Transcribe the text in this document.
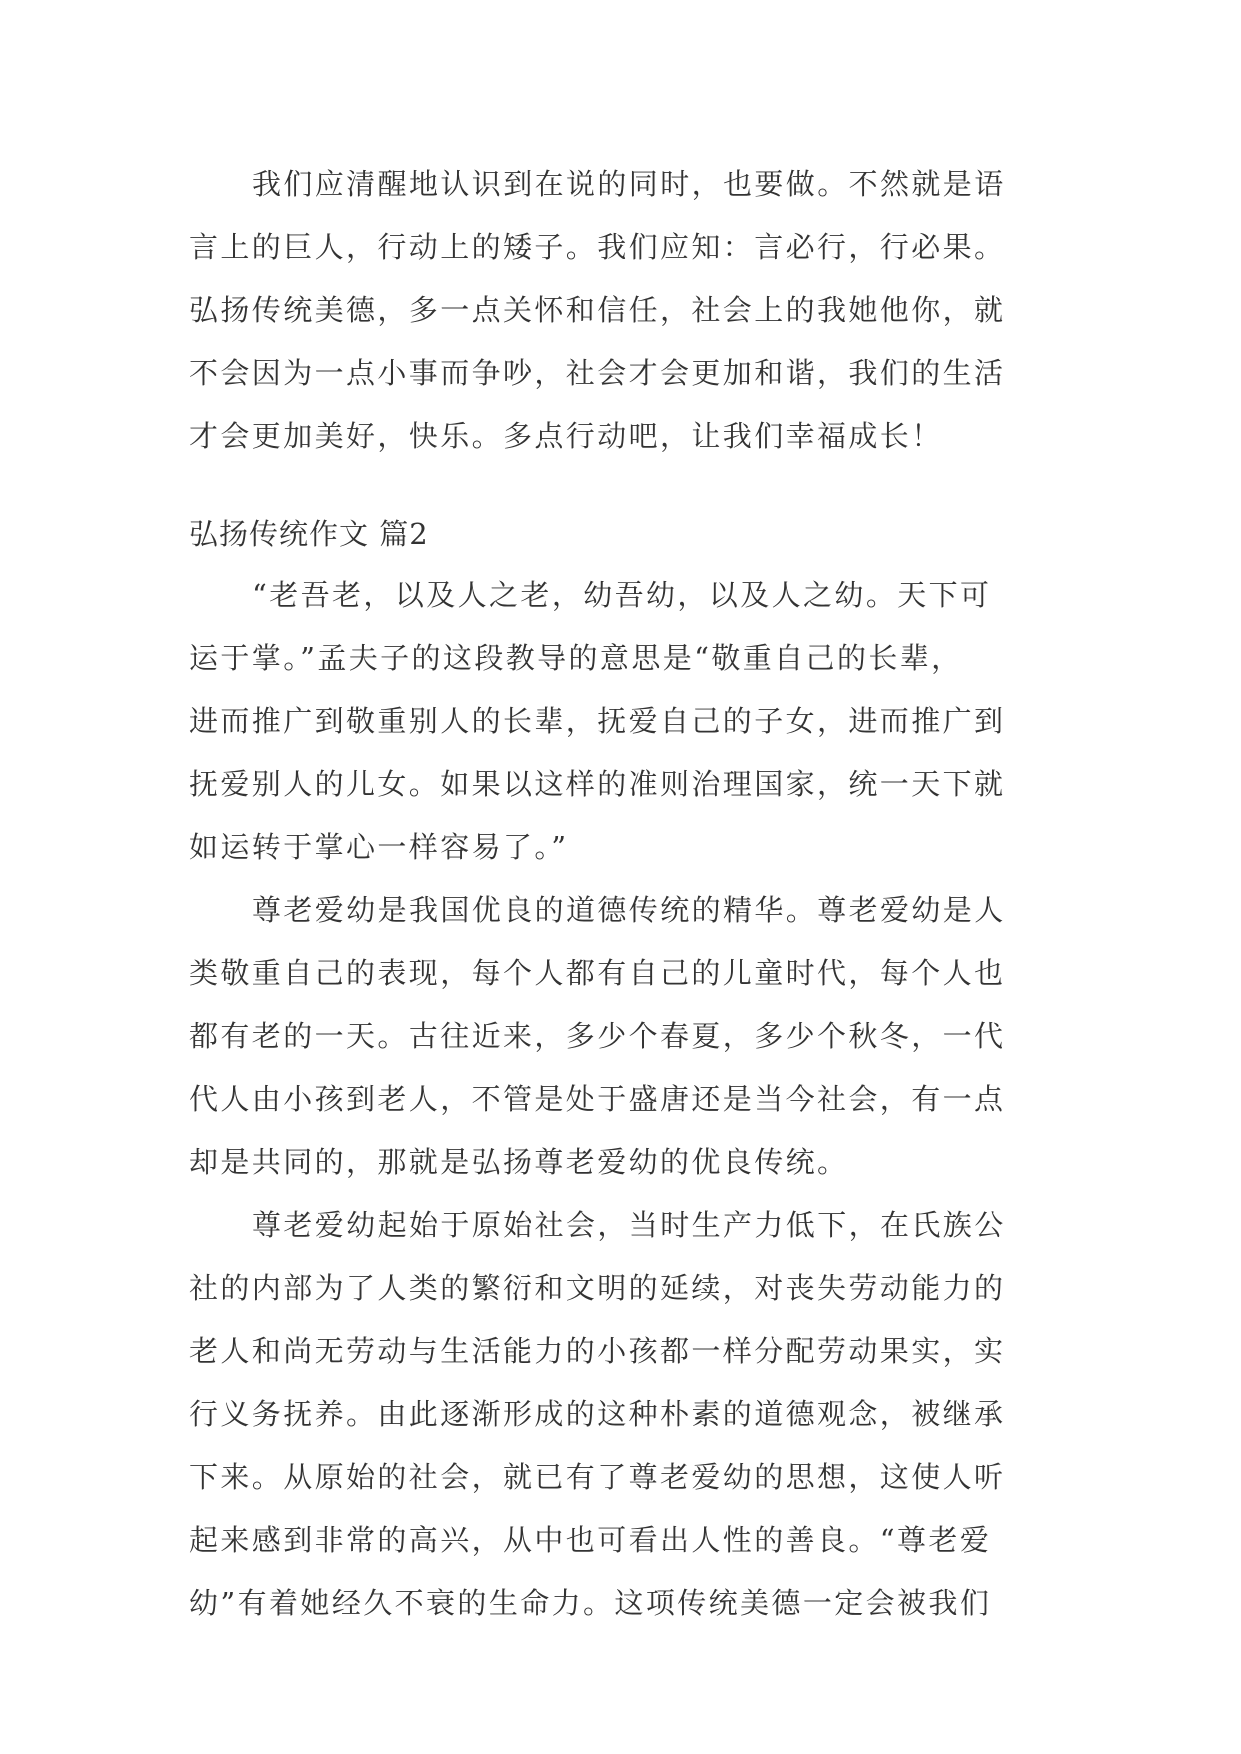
我们应清醒地认识到在说的同时，也要做。不然就是语
言上的巨人，行动上的矮子。我们应知：言必行，行必果。
弘扬传统美德，多一点关怀和信任，社会上的我她他你，就
不会因为一点小事而争吵，社会才会更加和谐，我们的生活
才会更加美好，快乐。多点行动吧，让我们幸福成长！
弘扬传统作文 篇2
“老吾老，以及人之老，幼吾幼，以及人之幼。天下可
运于掌。”孟夫子的这段教导的意思是“敬重自己的长辈，
进而推广到敬重别人的长辈，抚爱自己的子女，进而推广到
抚爱别人的儿女。如果以这样的准则治理国家，统一天下就
如运转于掌心一样容易了。”
尊老爱幼是我国优良的道德传统的精华。尊老爱幼是人
类敬重自己的表现，每个人都有自己的儿童时代，每个人也
都有老的一天。古往近来，多少个春夏，多少个秋冬，一代
代人由小孩到老人，不管是处于盛唐还是当今社会，有一点
却是共同的，那就是弘扬尊老爱幼的优良传统。
尊老爱幼起始于原始社会，当时生产力低下，在氏族公
社的内部为了人类的繁衍和文明的延续，对丧失劳动能力的
老人和尚无劳动与生活能力的小孩都一样分配劳动果实，实
行义务抚养。由此逐渐形成的这种朴素的道德观念，被继承
下来。从原始的社会，就已有了尊老爱幼的思想，这使人听
起来感到非常的高兴，从中也可看出人性的善良。“尊老爱
幼”有着她经久不衰的生命力。这项传统美德一定会被我们
